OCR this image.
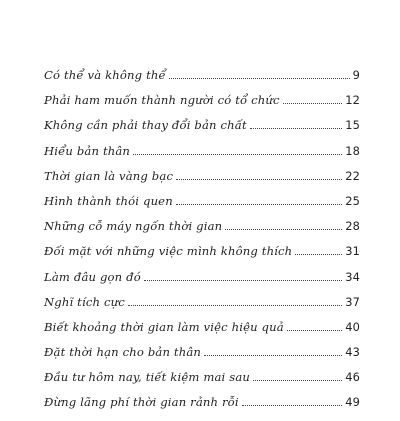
Có thể và không thể	9
Phải ham muốn thành người có tổ chức	12
Không cần phải thay đổi bản chất	15
Hiểu bản thân	18
Thời gian là vàng bạc	22
Hình thành thói quen	25
Những cỗ máy ngốn thời gian	28
Đối mặt với những việc mình không thích	31
Làm đâu gọn đó	34
Nghĩ tích cực	37
Biết khoảng thời gian làm việc hiệu quả	40
Đặt thời hạn cho bản thân	43
Đầu tư hôm nay, tiết kiệm mai sau	46
Đừng lãng phí thời gian rảnh rỗi	49
